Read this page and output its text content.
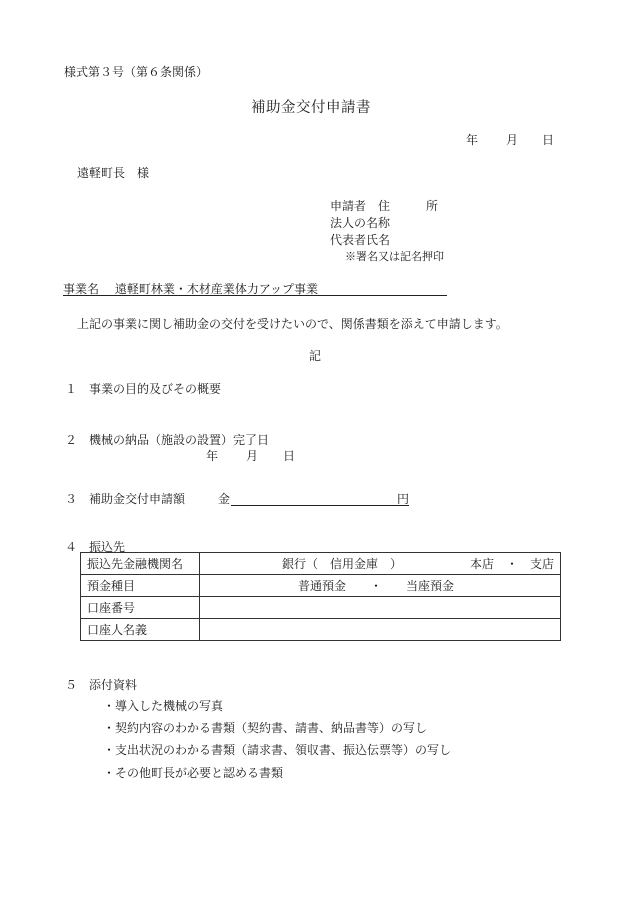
様式第３号（第６条関係）
補助金交付申請書
年 月 日
遠軽町長　様
申請者　住　　　所
法人の名称
代表者氏名
※署名又は記名押印
事業名 遠軽町林業・木材産業体力アップ事業
上記の事業に関し補助金の交付を受けたいので、関係書類を添えて申請します。
記
１ 事業の目的及びその概要
２ 機械の納品（施設の設置）完了日
年 月 日
３ 補助金交付申請額	金	円
４ 振込先
振込先金融機関名	銀行（　信用金庫　） 本店　・　支店

預金種目	普通預金　　・　　当座預金
口座番号	
口座人名義	
５ 添付資料
・導入した機械の写真
・契約内容のわかる書類（契約書、請書、納品書等）の写し
・支出状況のわかる書類（請求書、領収書、振込伝票等）の写し
・その他町長が必要と認める書類
